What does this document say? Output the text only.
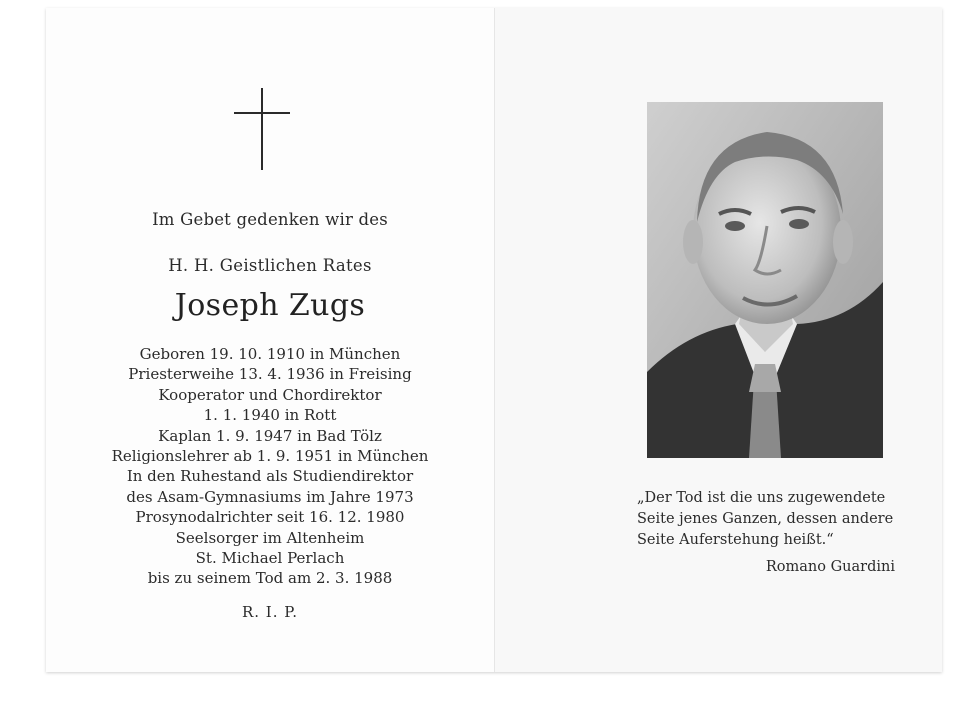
Im Gebet gedenken wir des
H. H. Geistlichen Rates
Joseph Zugs
Geboren 19. 10. 1910 in München
Priesterweihe 13. 4. 1936 in Freising
Kooperator und Chordirektor
1. 1. 1940 in Rott
Kaplan 1. 9. 1947 in Bad Tölz
Religionslehrer ab 1. 9. 1951 in München
In den Ruhestand als Studiendirektor
des Asam-Gymnasiums im Jahre 1973
Prosynodalrichter seit 16. 12. 1980
Seelsorger im Altenheim
St. Michael Perlach
bis zu seinem Tod am 2. 3. 1988
R. I. P.
„Der Tod ist die uns zugewendete
Seite jenes Ganzen, dessen andere
Seite Auferstehung heißt.“
Romano Guardini
